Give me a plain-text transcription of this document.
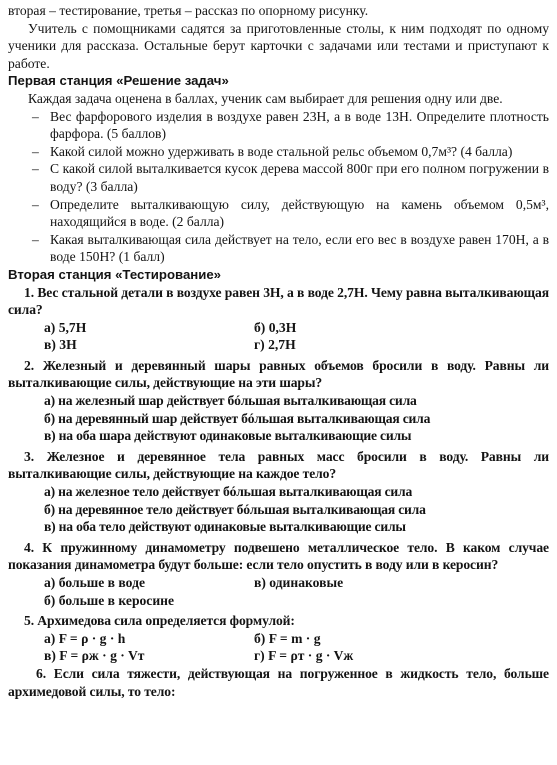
вторая – тестирование, третья – рассказ по опорному рисунку.

Учитель с помощниками садятся за приготовленные столы, к ним подходят по одному ученики для рассказа. Остальные берут карточки с задачами или тестами и приступают к работе.

Первая станция «Решение задач»

Каждая задача оценена в баллах, ученик сам выбирает для решения одну или две.

– Вес фарфорового изделия в воздухе равен 23Н, а в воде 13Н. Определите плотность фарфора. (5 баллов)
– Какой силой можно удерживать в воде стальной рельс объемом 0,7м³? (4 балла)
– С какой силой выталкивается кусок дерева массой 800г при его полном погружении в воду? (3 балла)
– Определите выталкивающую силу, действующую на камень объемом 0,5м³, находящийся в воде. (2 балла)
– Какая выталкивающая сила действует на тело, если его вес в воздухе равен 170Н, а в воде 150Н? (1 балл)

Вторая станция «Тестирование»

1. Вес стальной детали в воздухе равен 3Н, а в воде 2,7Н. Чему равна выталкивающая сила?

а) 5,7Н	б) 0,3Н
в) 3Н	г) 2,7Н

2. Железный и деревянный шары равных объемов бросили в воду. Равны ли выталкивающие силы, действующие на эти шары?

а) на железный шар действует бóльшая выталкивающая сила
б) на деревянный шар действует бóльшая выталкивающая сила
в) на оба шара действуют одинаковые выталкивающие силы

3. Железное и деревянное тела равных масс бросили в воду. Равны ли выталкивающие силы, действующие на каждое тело?

а) на железное тело действует бóльшая выталкивающая сила
б) на деревянное тело действует бóльшая выталкивающая сила
в) на оба тело действуют одинаковые выталкивающие силы

4. К пружинному динамометру подвешено металлическое тело. В каком случае показания динамометра будут больше: если тело опустить в воду или в керосин?

а) больше в воде	в) одинаковые
б) больше в керосине

5. Архимедова сила определяется формулой:

а) F = ρ · g · h	б) F = m · g
в) F = ρж · g · Vт	г) F = ρт · g · Vж

6. Если сила тяжести, действующая на погруженное в жидкость тело, больше архимедовой силы, то тело:
